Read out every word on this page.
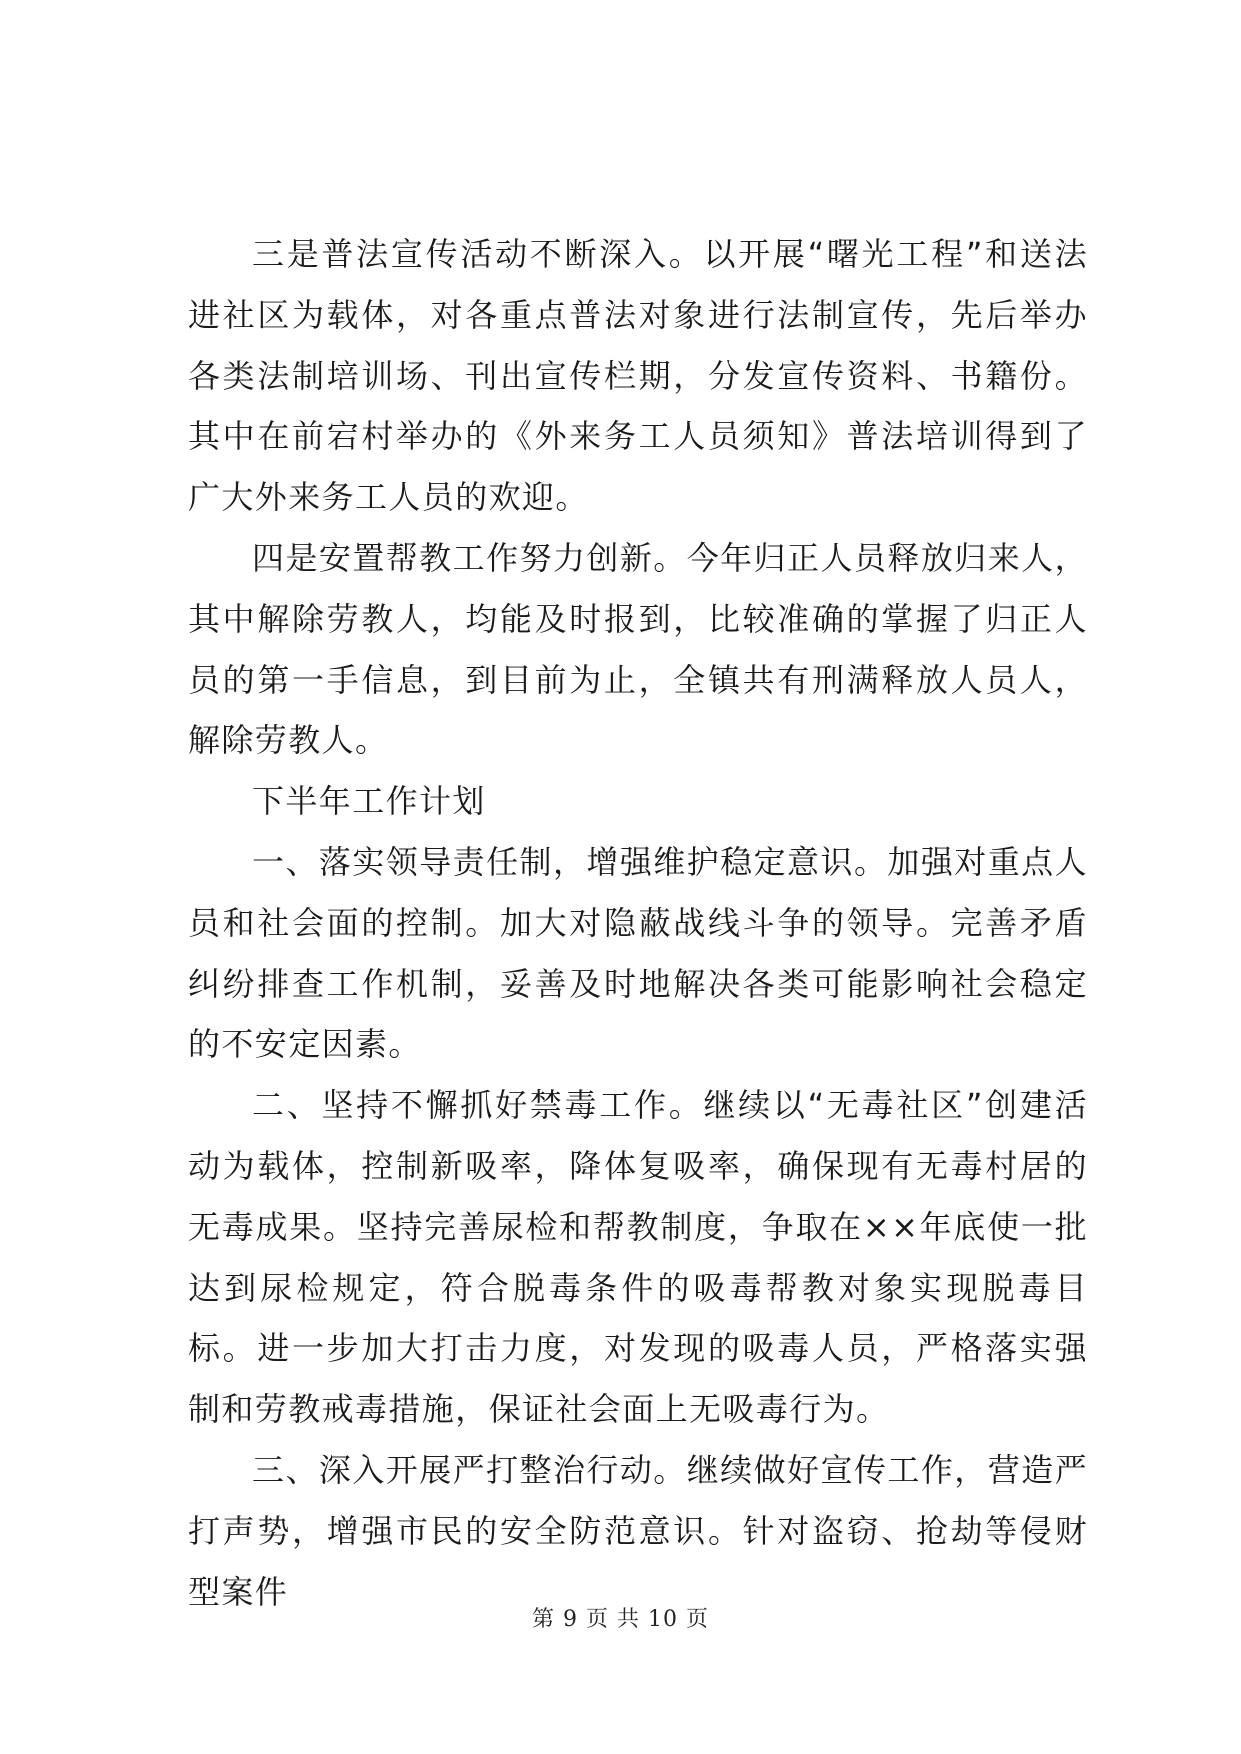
三是普法宣传活动不断深入。以开展“曙光工程”和送法进社区为载体，对各重点普法对象进行法制宣传，先后举办各类法制培训场、刊出宣传栏期，分发宣传资料、书籍份。其中在前宕村举办的《外来务工人员须知》普法培训得到了广大外来务工人员的欢迎。

四是安置帮教工作努力创新。今年归正人员释放归来人，其中解除劳教人，均能及时报到，比较准确的掌握了归正人员的第一手信息，到目前为止，全镇共有刑满释放人员人，解除劳教人。

下半年工作计划

一、落实领导责任制，增强维护稳定意识。加强对重点人员和社会面的控制。加大对隐蔽战线斗争的领导。完善矛盾纠纷排查工作机制，妥善及时地解决各类可能影响社会稳定的不安定因素。

二、坚持不懈抓好禁毒工作。继续以“无毒社区”创建活动为载体，控制新吸率，降体复吸率，确保现有无毒村居的无毒成果。坚持完善尿检和帮教制度，争取在××年底使一批达到尿检规定，符合脱毒条件的吸毒帮教对象实现脱毒目标。进一步加大打击力度，对发现的吸毒人员，严格落实强制和劳教戒毒措施，保证社会面上无吸毒行为。

三、深入开展严打整治行动。继续做好宣传工作，营造严打声势，增强市民的安全防范意识。针对盗窃、抢劫等侵财型案件

第 9 页 共 10 页
